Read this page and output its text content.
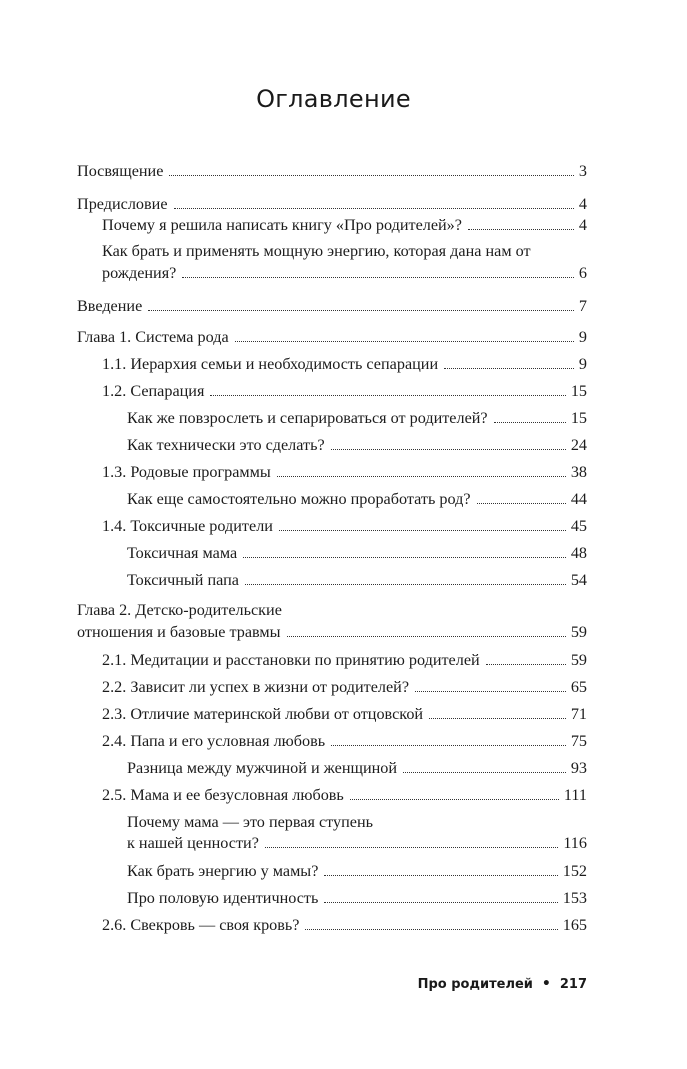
Оглавление
Посвящение	3
Предисловие	4
Почему я решила написать книгу «Про родителей»?	4
Как брать и применять мощную энергию, которая дана нам от
рождения?	6
Введение	7
Глава 1. Система рода	9
1.1. Иерархия семьи и необходимость сепарации	9
1.2. Сепарация	15
Как же повзрослеть и сепарироваться от родителей?	15
Как технически это сделать?	24
1.3. Родовые программы	38
Как еще самостоятельно можно проработать род?	44
1.4. Токсичные родители	45
Токсичная мама	48
Токсичный папа	54
Глава 2. Детско-родительские
отношения и базовые травмы	59
2.1. Медитации и расстановки по принятию родителей	59
2.2. Зависит ли успех в жизни от родителей?	65
2.3. Отличие материнской любви от отцовской	71
2.4. Папа и его условная любовь	75
Разница между мужчиной и женщиной	93
2.5. Мама и ее безусловная любовь	111
Почему мама — это первая ступень
к нашей ценности?	116
Как брать энергию у мамы?	152
Про половую идентичность	153
2.6. Свекровь — своя кровь?	165
Про родителей • 217
